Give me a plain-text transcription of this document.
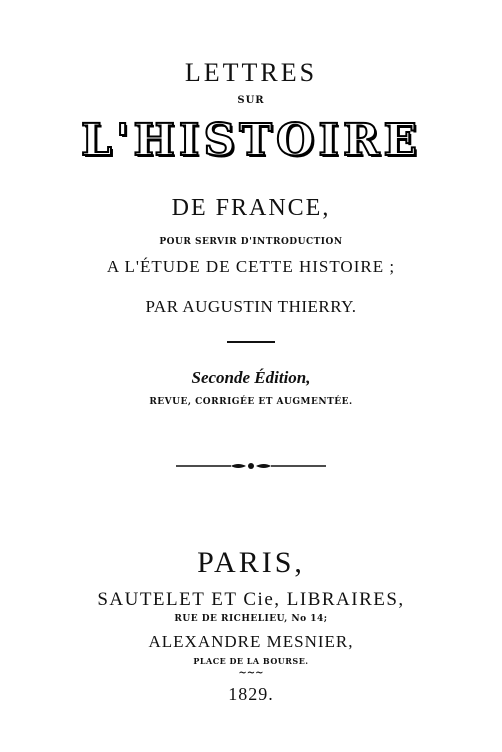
LETTRES
SUR
L'HISTOIRE
DE FRANCE,
POUR SERVIR D'INTRODUCTION
A L'ÉTUDE DE CETTE HISTOIRE ;
PAR AUGUSTIN THIERRY.
Seconde Édition,
REVUE, CORRIGÉE ET AUGMENTÉE.
PARIS,
SAUTELET ET Cie, LIBRAIRES,
RUE DE RICHELIEU, No 14;
ALEXANDRE MESNIER,
PLACE DE LA BOURSE.
~~~
1829.
